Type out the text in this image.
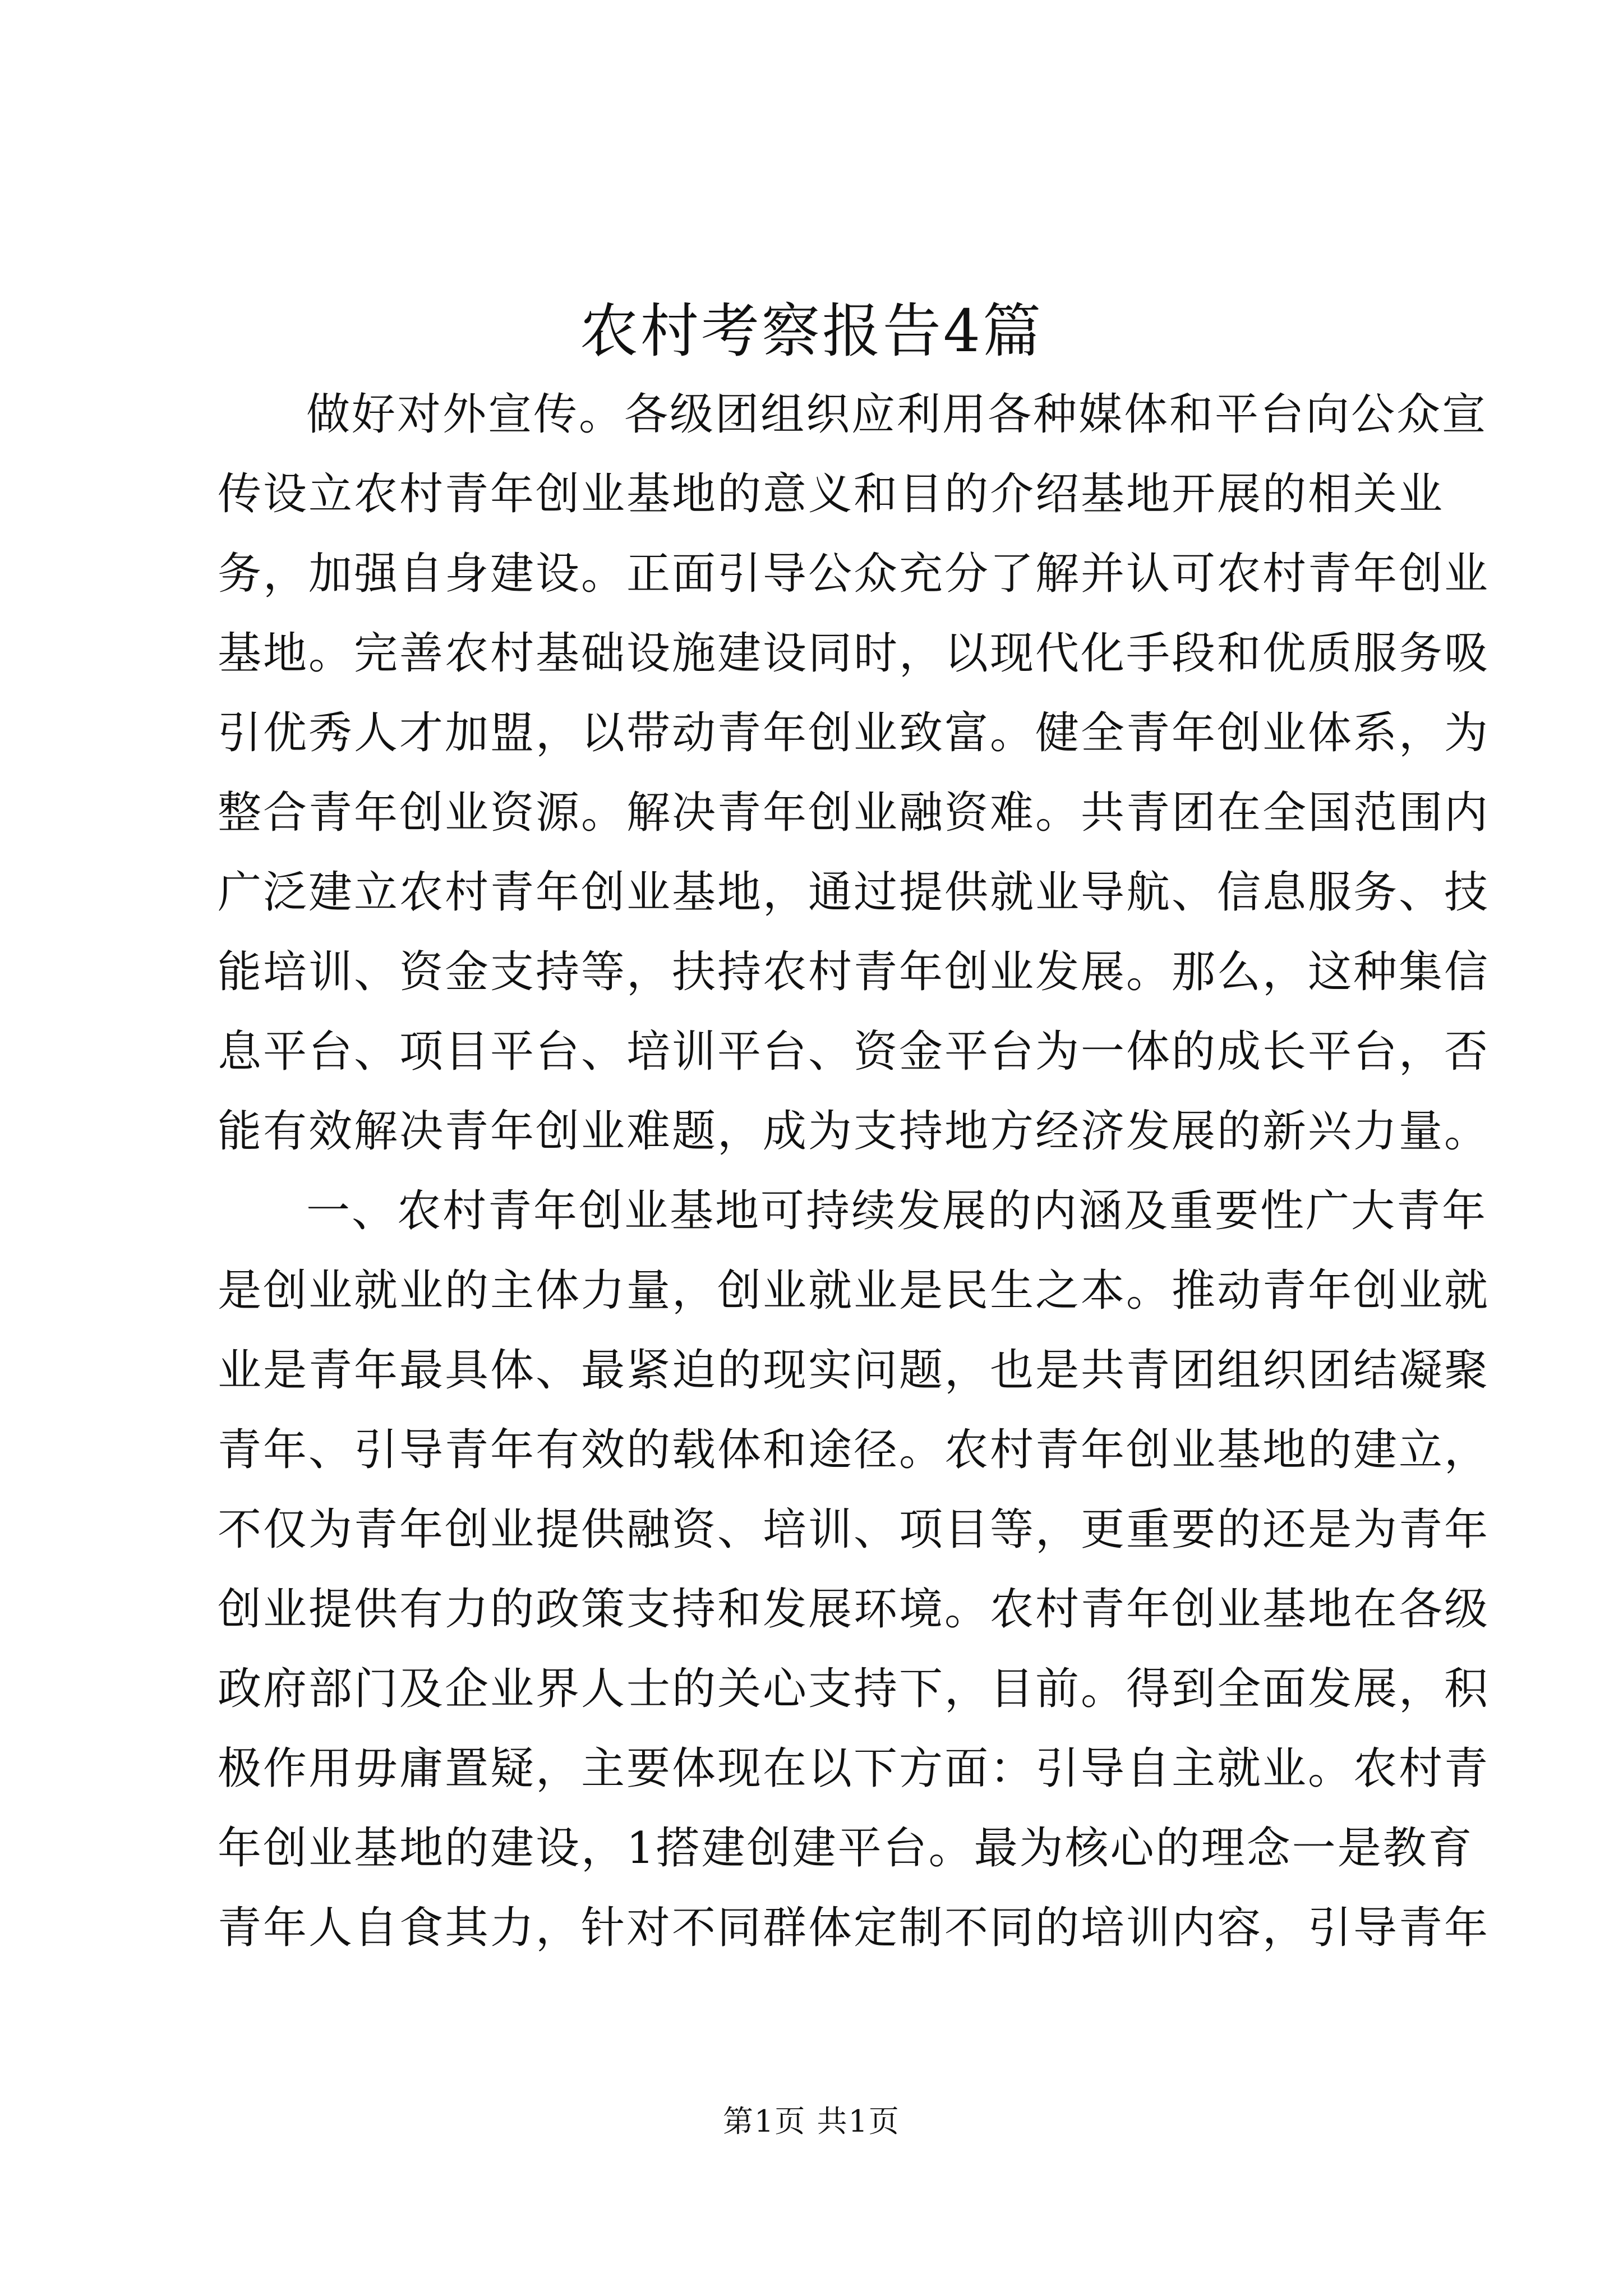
农村考察报告4篇
做好对外宣传。各级团组织应利用各种媒体和平台向公众宣
传设立农村青年创业基地的意义和目的介绍基地开展的相关业
务，加强自身建设。正面引导公众充分了解并认可农村青年创业
基地。完善农村基础设施建设同时，以现代化手段和优质服务吸
引优秀人才加盟，以带动青年创业致富。健全青年创业体系，为
整合青年创业资源。解决青年创业融资难。共青团在全国范围内
广泛建立农村青年创业基地，通过提供就业导航、信息服务、技
能培训、资金支持等，扶持农村青年创业发展。那么，这种集信
息平台、项目平台、培训平台、资金平台为一体的成长平台，否
能有效解决青年创业难题，成为支持地方经济发展的新兴力量。
一、农村青年创业基地可持续发展的内涵及重要性广大青年
是创业就业的主体力量，创业就业是民生之本。推动青年创业就
业是青年最具体、最紧迫的现实问题，也是共青团组织团结凝聚
青年、引导青年有效的载体和途径。农村青年创业基地的建立，
不仅为青年创业提供融资、培训、项目等，更重要的还是为青年
创业提供有力的政策支持和发展环境。农村青年创业基地在各级
政府部门及企业界人士的关心支持下，目前。得到全面发展，积
极作用毋庸置疑，主要体现在以下方面：引导自主就业。农村青
年创业基地的建设，1搭建创建平台。最为核心的理念一是教育
青年人自食其力，针对不同群体定制不同的培训内容，引导青年
第1页 共1页
